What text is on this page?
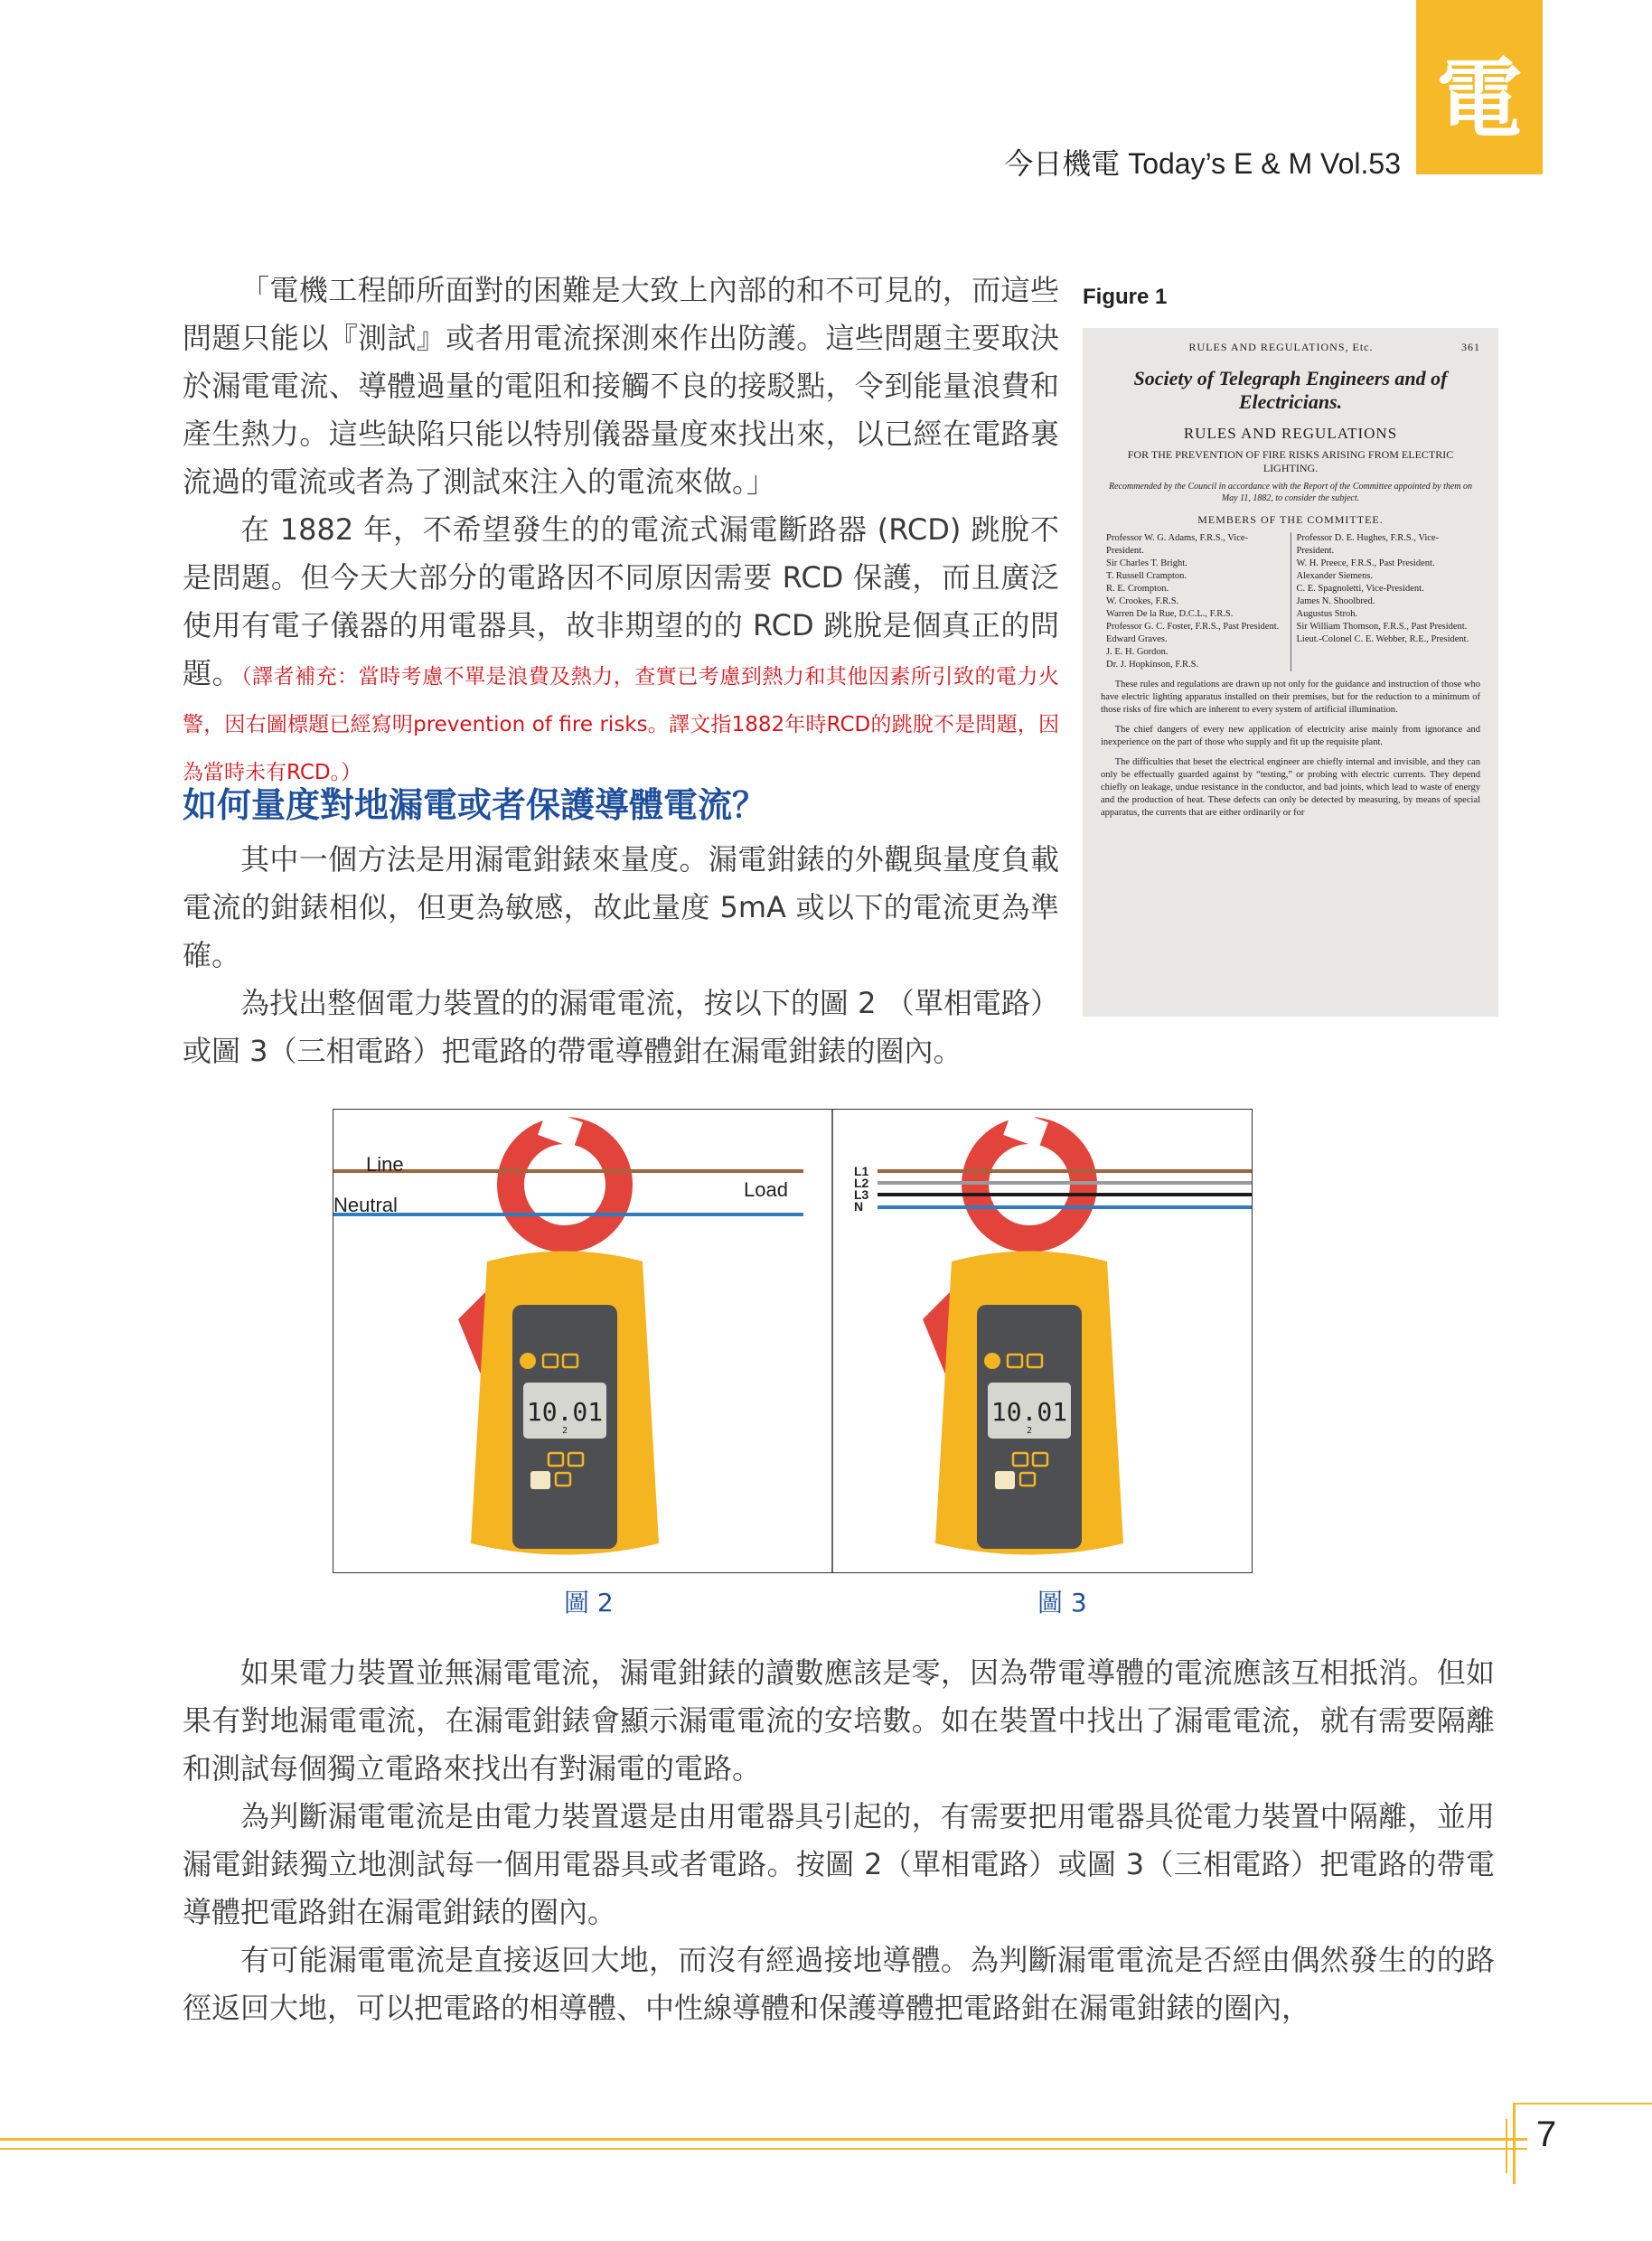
電
今日機電 Today’s E & M Vol.53

「電機工程師所面對的困難是大致上內部的和不可見的，而這些問題只能以『測試』或者用電流探測來作出防護。這些問題主要取決於漏電電流、導體過量的電阻和接觸不良的接駁點，令到能量浪費和產生熱力。這些缺陷只能以特別儀器量度來找出來，以已經在電路裏流過的電流或者為了測試來注入的電流來做。」

在 1882 年，不希望發生的的電流式漏電斷路器 (RCD) 跳脫不是問題。但今天大部分的電路因不同原因需要 RCD 保護，而且廣泛使用有電子儀器的用電器具，故非期望的的 RCD 跳脫是個真正的問題。（譯者補充：當時考慮不單是浪費及熱力，查實已考慮到熱力和其他因素所引致的電力火警，因右圖標題已經寫明prevention of fire risks。譯文指1882年時RCD的跳脫不是問題，因為當時未有RCD。）

如何量度對地漏電或者保護導體電流？

其中一個方法是用漏電鉗錶來量度。漏電鉗錶的外觀與量度負載電流的鉗錶相似，但更為敏感，故此量度 5mA 或以下的電流更為準確。

為找出整個電力裝置的的漏電電流，按以下的圖 2 （單相電路）或圖 3（三相電路）把電路的帶電導體鉗在漏電鉗錶的圈內。

Figure 1
RULES AND REGULATIONS, Etc.	361
Society of Telegraph Engineers and of Electricians.
RULES AND REGULATIONS
FOR THE PREVENTION OF FIRE RISKS ARISING FROM ELECTRIC LIGHTING.
Recommended by the Council in accordance with the Report of the Committee appointed by them on May 11, 1882, to consider the subject.
MEMBERS OF THE COMMITTEE.
Professor W. G. Adams, F.R.S., Vice-President.
Sir Charles T. Bright.
T. Russell Crampton.
R. E. Crompton.
W. Crookes, F.R.S.
Warren De la Rue, D.C.L., F.R.S.
Professor G. C. Foster, F.R.S., Past President.
Edward Graves.
J. E. H. Gordon.
Dr. J. Hopkinson, F.R.S.
Professor D. E. Hughes, F.R.S., Vice-President.
W. H. Preece, F.R.S., Past President.
Alexander Siemens.
C. E. Spagnoletti, Vice-President.
James N. Shoolbred.
Augustus Stroh.
Sir William Thomson, F.R.S., Past President.
Lieut.-Colonel C. E. Webber, R.E., President.
These rules and regulations are drawn up not only for the guidance and instruction of those who have electric lighting apparatus installed on their premises, but for the reduction to a minimum of those risks of fire which are inherent to every system of artificial illumination.
The chief dangers of every new application of electricity arise mainly from ignorance and inexperience on the part of those who supply and fit up the requisite plant.
The difficulties that beset the electrical engineer are chiefly internal and invisible, and they can only be effectually guarded against by “testing,” or probing with electric currents. They depend chiefly on leakage, undue resistance in the conductor, and bad joints, which lead to waste of energy and the production of heat. These defects can only be detected by measuring, by means of special apparatus, the currents that are either ordinarily or for
Line
Neutral
Load
10.01
2
L1
L2
L3
N
10.01
2
圖 2	圖 3

如果電力裝置並無漏電電流，漏電鉗錶的讀數應該是零，因為帶電導體的電流應該互相抵消。但如果有對地漏電電流，在漏電鉗錶會顯示漏電電流的安培數。如在裝置中找出了漏電電流，就有需要隔離和測試每個獨立電路來找出有對漏電的電路。

為判斷漏電電流是由電力裝置還是由用電器具引起的，有需要把用電器具從電力裝置中隔離，並用漏電鉗錶獨立地測試每一個用電器具或者電路。按圖 2（單相電路）或圖 3（三相電路）把電路的帶電導體把電路鉗在漏電鉗錶的圈內。

有可能漏電電流是直接返回大地，而沒有經過接地導體。為判斷漏電電流是否經由偶然發生的的路徑返回大地，可以把電路的相導體、中性線導體和保護導體把電路鉗在漏電鉗錶的圈內，

7
